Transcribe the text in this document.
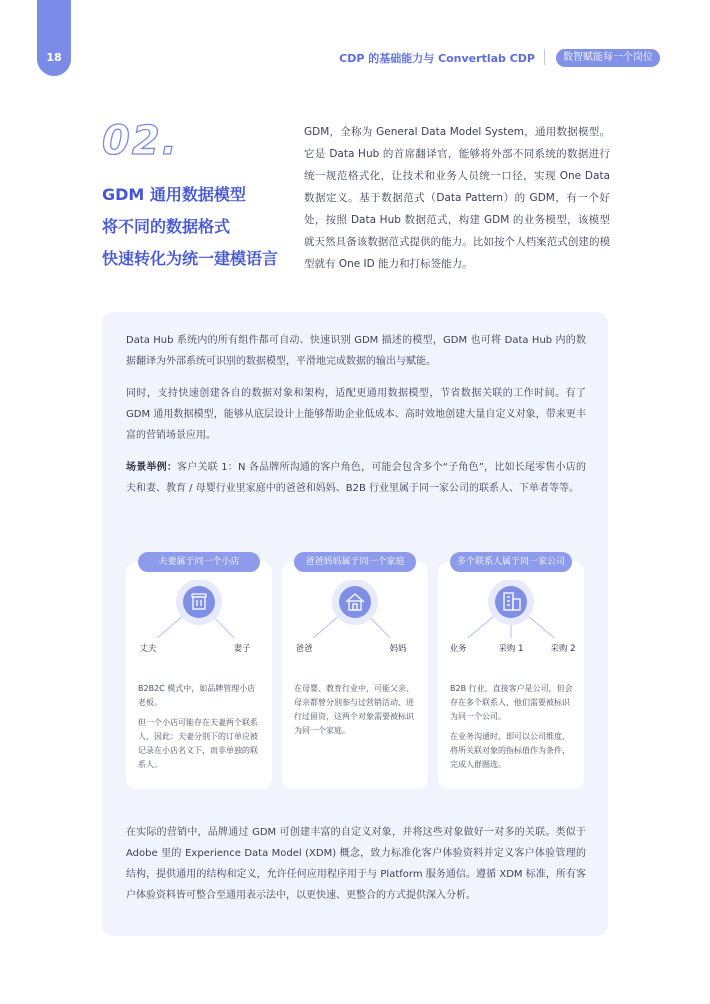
18	CDP 的基础能力与 Convertlab CDP	数智赋能每一个岗位
02.
GDM 通用数据模型
将不同的数据格式
快速转化为统一建模语言

GDM，全称为 General Data Model System，通用数据模型。它是 Data Hub 的首席翻译官，能够将外部不同系统的数据进行统一规范格式化，让技术和业务人员统一口径，实现 One Data 数据定义。基于数据范式（Data Pattern）的 GDM，有一个好处，按照 Data Hub 数据范式，构建 GDM 的业务模型，该模型就天然具备该数据范式提供的能力。比如按个人档案范式创建的模型就有 One ID 能力和打标签能力。

Data Hub 系统内的所有组件都可自动、快速识别 GDM 描述的模型，GDM 也可将 Data Hub 内的数据翻译为外部系统可识别的数据模型，平滑地完成数据的输出与赋能。

同时，支持快速创建各自的数据对象和架构，适配更通用数据模型，节省数据关联的工作时间。有了 GDM 通用数据模型，能够从底层设计上能够帮助企业低成本、高时效地创建大量自定义对象，带来更丰富的营销场景应用。

场景举例：客户关联 1：N 各品牌所沟通的客户角色，可能会包含多个“子角色”，比如长尾零售小店的夫和妻、教育 / 母婴行业里家庭中的爸爸和妈妈、B2B 行业里属于同一家公司的联系人、下单者等等。

夫妻属于同一个小店
丈夫	妻子

B2B2C 模式中，如品牌管理小店老板。

但一个小店可能存在夫妻两个联系人，因此：夫妻分别下的订单应被记录在小店名义下，而非单独的联系人。

爸爸妈妈属于同一个家庭
爸爸	妈妈

在母婴、教育行业中，可能父亲、母亲都曾分别参与过营销活动、进行过留资，这两个对象需要被标识为同一个家庭。

多个联系人属于同一家公司
业务	采购 1	采购 2

B2B 行业，直接客户是公司，但会存在多个联系人，他们需要被标识为同一个公司。

在业务沟通时，即可以公司维度，将所关联对象的指标值作为条件，完成人群圈选。

在实际的营销中，品牌通过 GDM 可创建丰富的自定义对象，并将这些对象做好一对多的关联。类似于 Adobe 里的 Experience Data Model (XDM) 概念，致力标准化客户体验资料并定义客户体验管理的结构，提供通用的结构和定义，允许任何应用程序用于与 Platform 服务通信。遵循 XDM 标准，所有客户体验资料皆可整合至通用表示法中，以更快速、更整合的方式提供深入分析。
